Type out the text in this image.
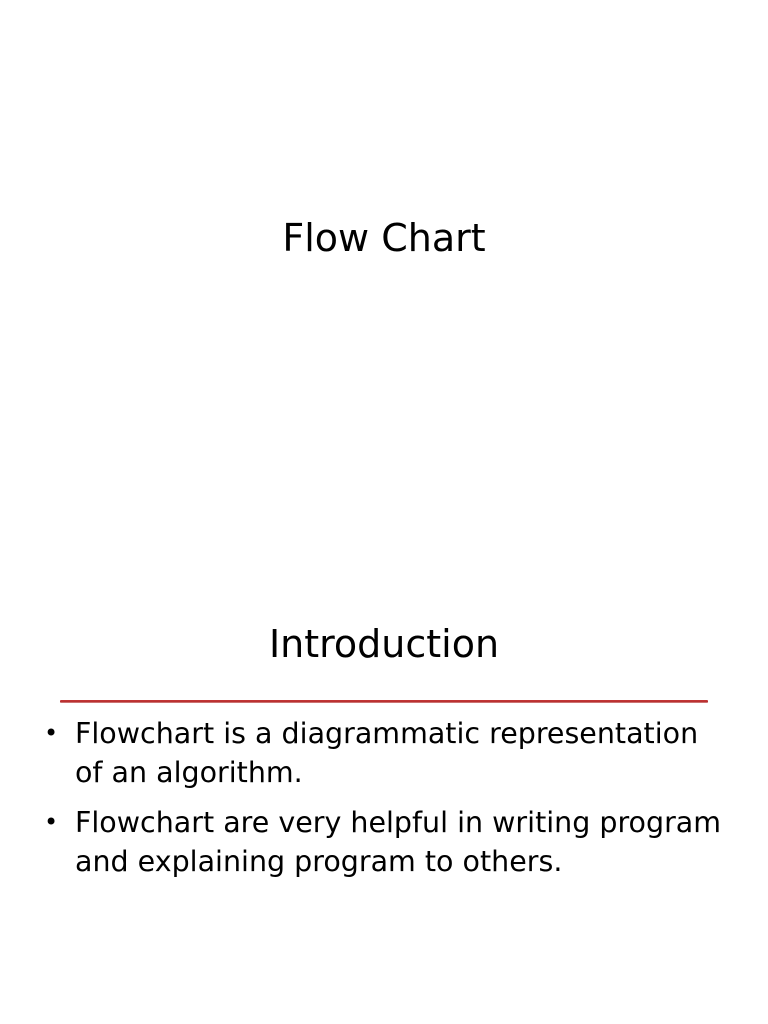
Flow Chart
Introduction
• Flowchart is a diagrammatic representation of an algorithm.
• Flowchart are very helpful in writing program and explaining program to others.
